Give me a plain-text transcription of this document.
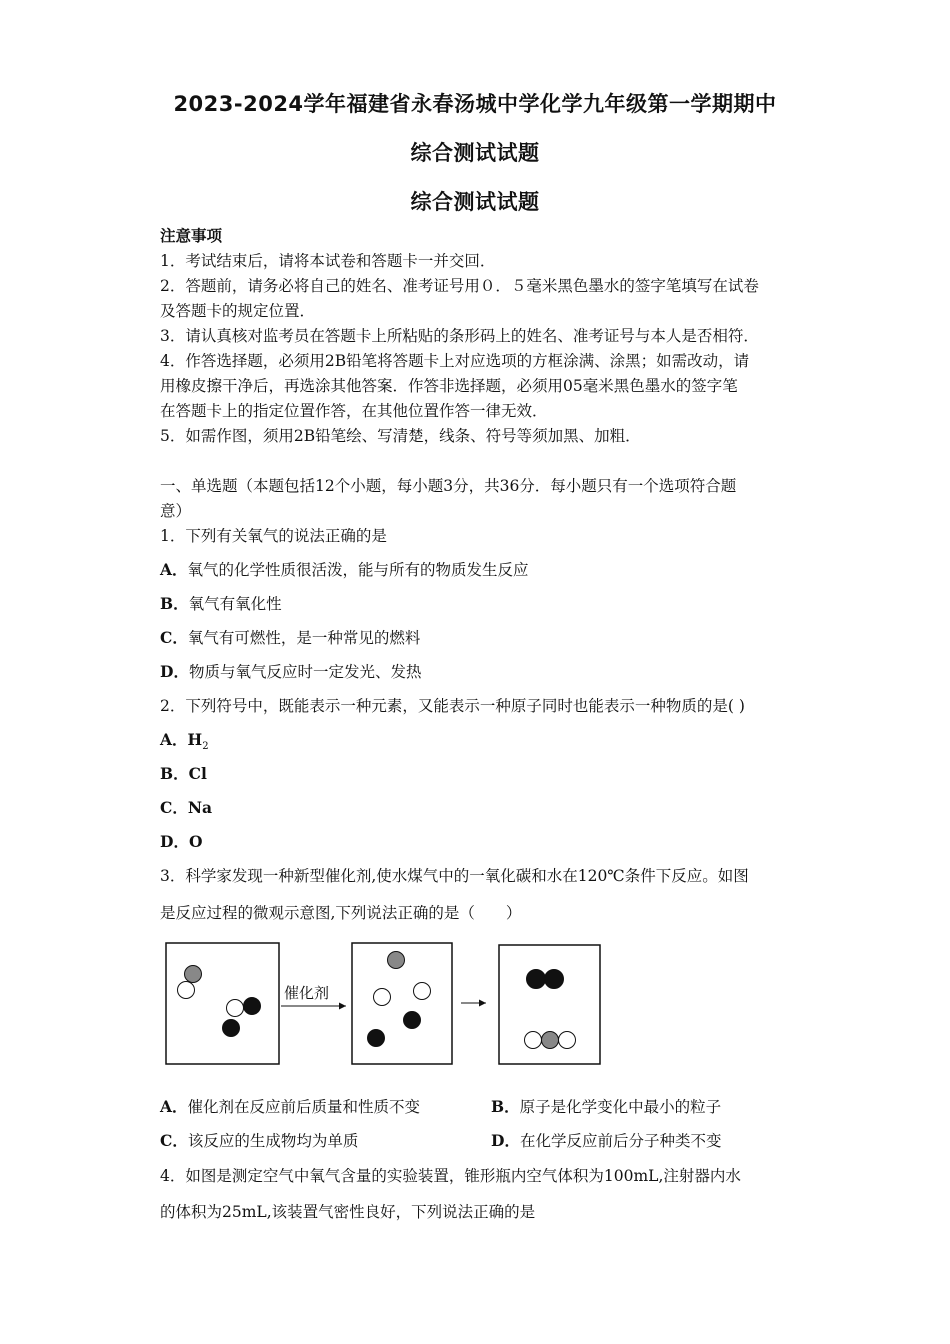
2023-2024学年福建省永春汤城中学化学九年级第一学期期中
综合测试试题
综合测试试题
注意事项
1．考试结束后，请将本试卷和答题卡一并交回．
2．答题前，请务必将自己的姓名、准考证号用０．５毫米黑色墨水的签字笔填写在试卷
及答题卡的规定位置．
3．请认真核对监考员在答题卡上所粘贴的条形码上的姓名、准考证号与本人是否相符．
4．作答选择题，必须用2B铅笔将答题卡上对应选项的方框涂满、涂黑；如需改动，请
用橡皮擦干净后，再选涂其他答案．作答非选择题，必须用05毫米黑色墨水的签字笔
在答题卡上的指定位置作答，在其他位置作答一律无效．
5．如需作图，须用2B铅笔绘、写清楚，线条、符号等须加黑、加粗．
一、单选题（本题包括12个小题，每小题3分，共36分．每小题只有一个选项符合题
意）
1．下列有关氧气的说法正确的是
A．氧气的化学性质很活泼，能与所有的物质发生反应
B．氧气有氧化性
C．氧气有可燃性，是一种常见的燃料
D．物质与氧气反应时一定发光、发热
2．下列符号中，既能表示一种元素，又能表示一种原子同时也能表示一种物质的是( )
A．$H_2$
B．Cl
C．Na
D．O
3．科学家发现一种新型催化剂,使水煤气中的一氧化碳和水在120℃条件下反应。如图
是反应过程的微观示意图,下列说法正确的是（　　）
催化剂
A．催化剂在反应前后质量和性质不变	B．原子是化学变化中最小的粒子
C．该反应的生成物均为单质	D．在化学反应前后分子种类不变
4．如图是测定空气中氧气含量的实验装置，锥形瓶内空气体积为100mL,注射器内水
的体积为25mL,该装置气密性良好，下列说法正确的是
